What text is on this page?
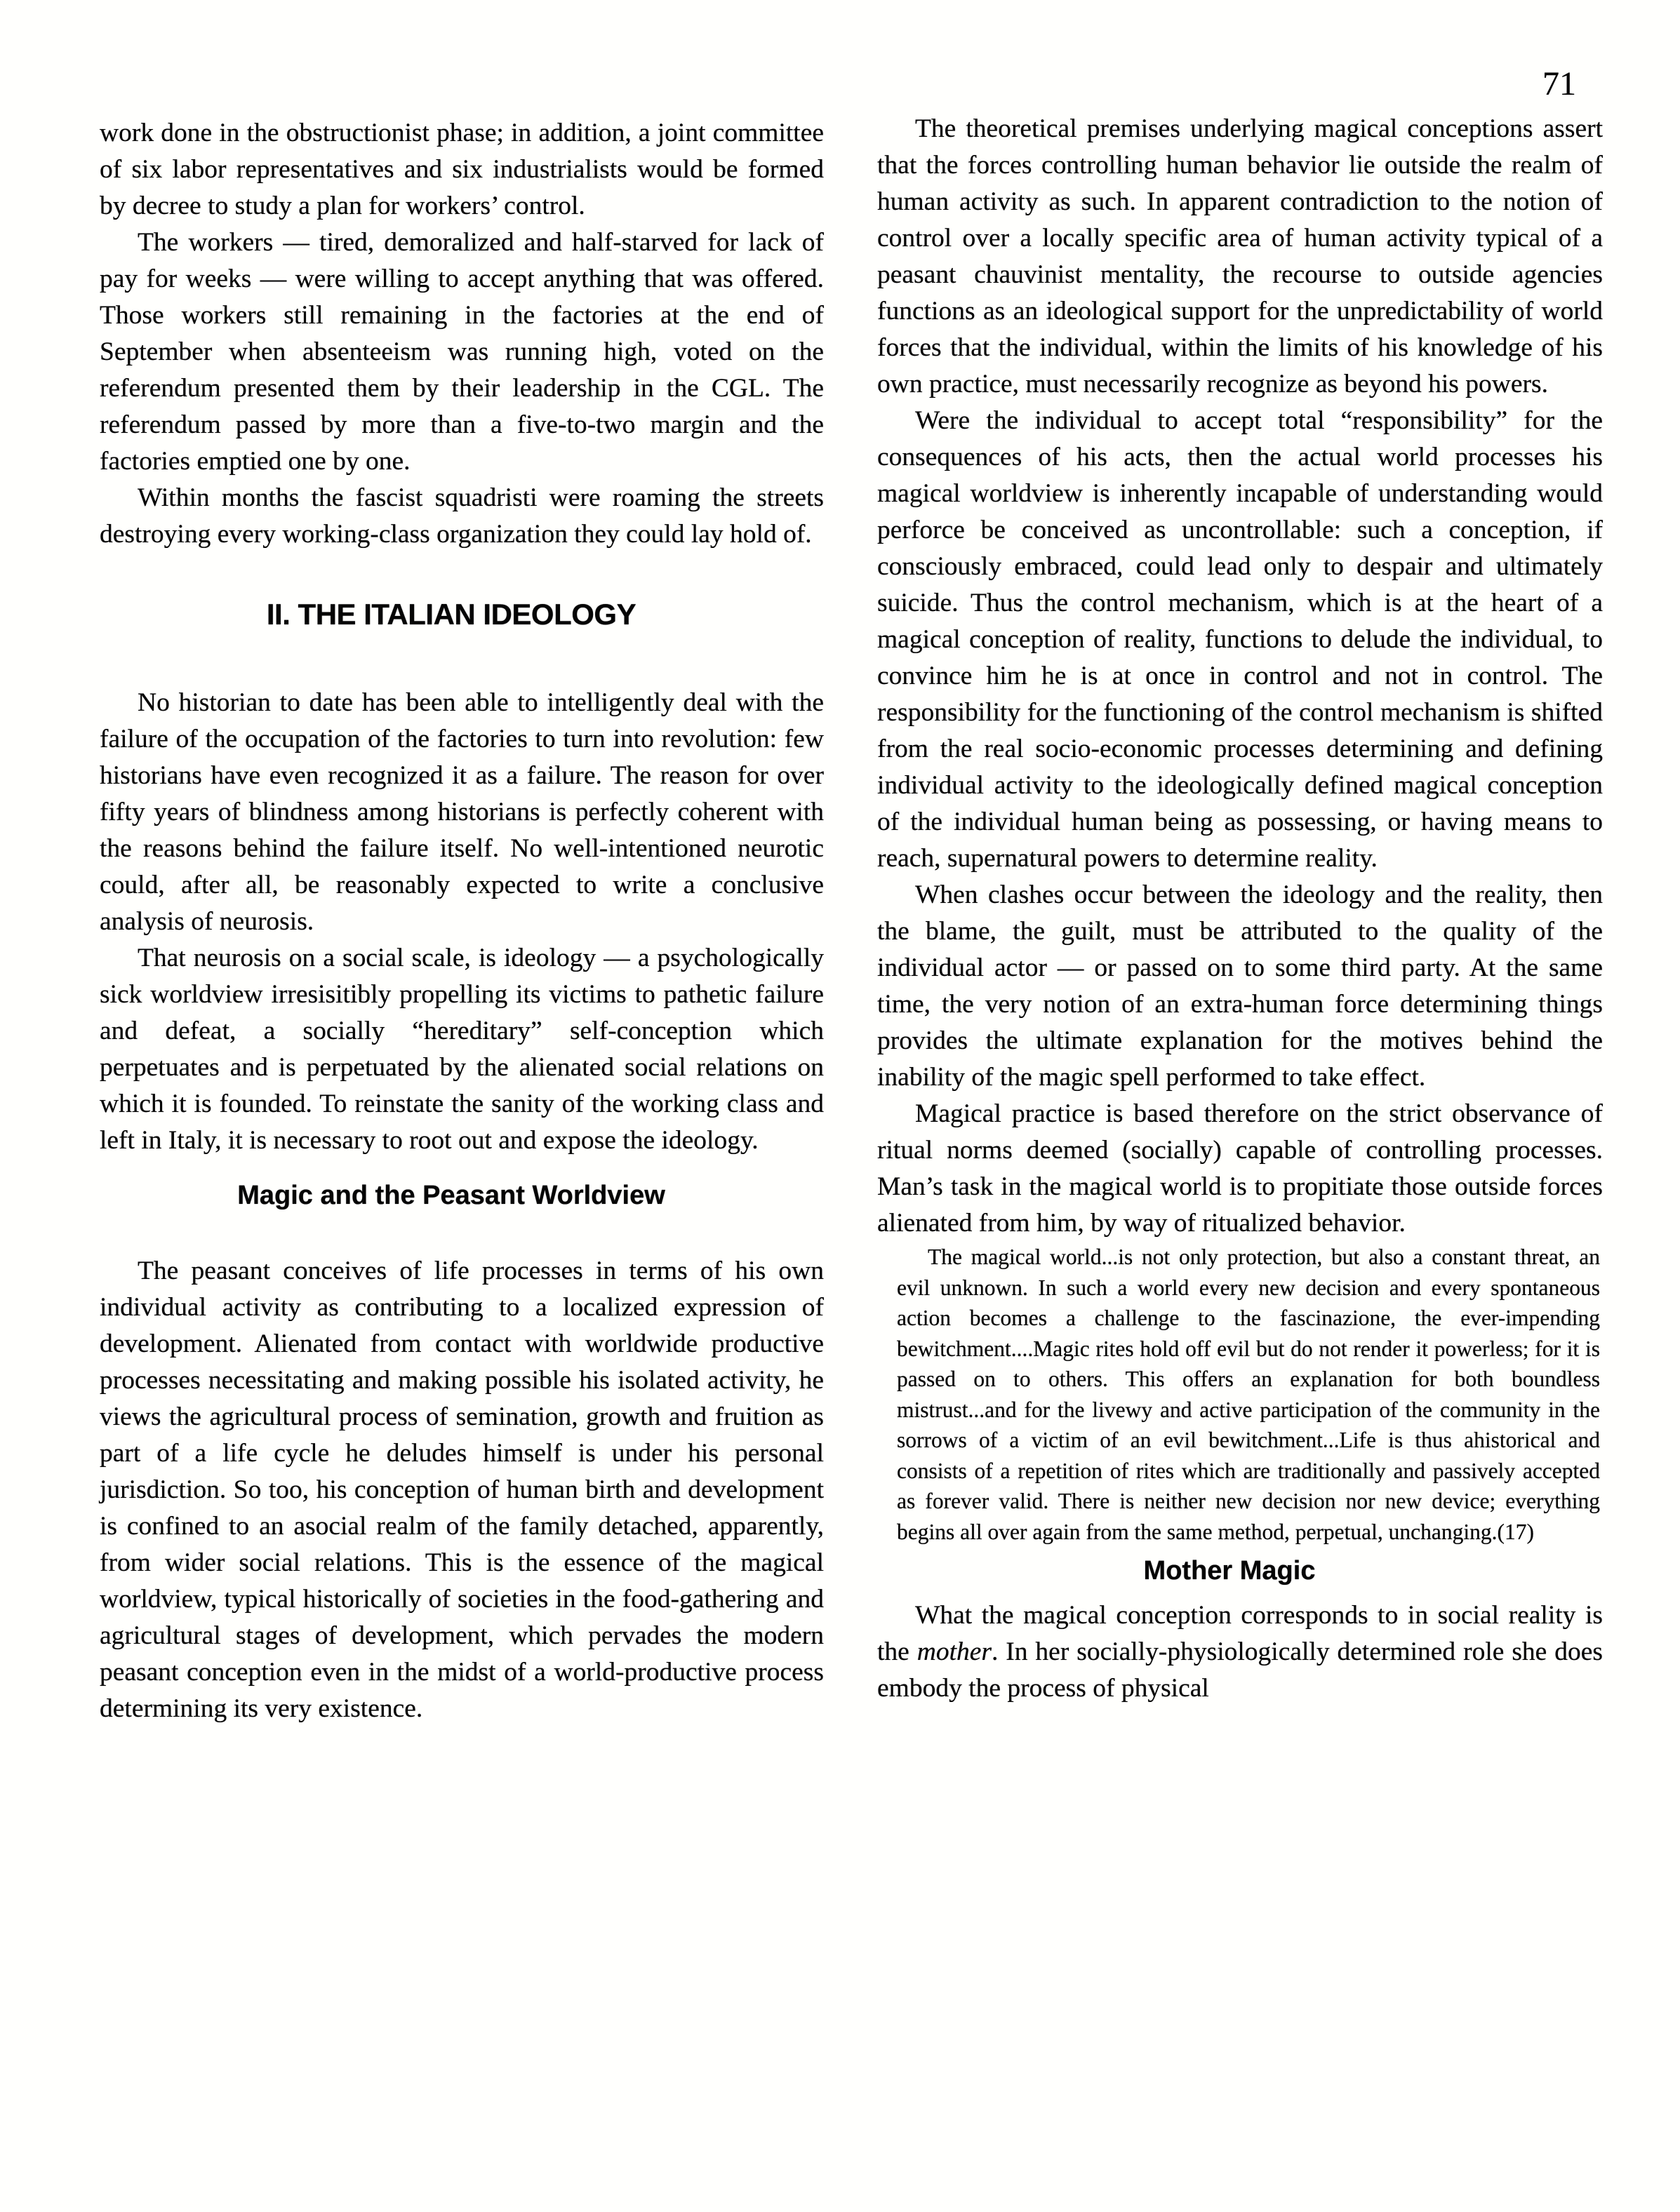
71

work done in the obstructionist phase; in addition, a joint committee of six labor representatives and six industrialists would be formed by decree to study a plan for workers’ control.

The workers — tired, demoralized and half-starved for lack of pay for weeks — were willing to accept anything that was offered. Those workers still remaining in the factories at the end of September when absenteeism was running high, voted on the referendum presented them by their leadership in the CGL. The referendum passed by more than a five-to-two margin and the factories emptied one by one.

Within months the fascist squadristi were roaming the streets destroying every working-class organization they could lay hold of.

II. THE ITALIAN IDEOLOGY

No historian to date has been able to intelligently deal with the failure of the occupation of the factories to turn into revolution: few historians have even recognized it as a failure. The reason for over fifty years of blindness among historians is perfectly coherent with the reasons behind the failure itself. No well-intentioned neurotic could, after all, be reasonably expected to write a conclusive analysis of neurosis.

That neurosis on a social scale, is ideology — a psychologically sick worldview irresisitibly propelling its victims to pathetic failure and defeat, a socially “hereditary” self-conception which perpetuates and is perpetuated by the alienated social relations on which it is founded. To reinstate the sanity of the working class and left in Italy, it is necessary to root out and expose the ideology.

Magic and the Peasant Worldview

The peasant conceives of life processes in terms of his own individual activity as contributing to a localized expression of development. Alienated from contact with worldwide productive processes necessitating and making possible his isolated activity, he views the agricultural process of semination, growth and fruition as part of a life cycle he deludes himself is under his personal jurisdiction. So too, his conception of human birth and development is confined to an asocial realm of the family detached, apparently, from wider social relations. This is the essence of the magical worldview, typical historically of societies in the food-gathering and agricultural stages of development, which pervades the modern peasant conception even in the midst of a world-productive process determining its very existence.

The theoretical premises underlying magical conceptions assert that the forces controlling human behavior lie outside the realm of human activity as such. In apparent contradiction to the notion of control over a locally specific area of human activity typical of a peasant chauvinist mentality, the recourse to outside agencies functions as an ideological support for the unpredictability of world forces that the individual, within the limits of his knowledge of his own practice, must necessarily recognize as beyond his powers.

Were the individual to accept total “responsibility” for the consequences of his acts, then the actual world processes his magical worldview is inherently incapable of understanding would perforce be conceived as uncontrollable: such a conception, if consciously embraced, could lead only to despair and ultimately suicide. Thus the control mechanism, which is at the heart of a magical conception of reality, functions to delude the individual, to convince him he is at once in control and not in control. The responsibility for the functioning of the control mechanism is shifted from the real socio-economic processes determining and defining individual activity to the ideologically defined magical conception of the individual human being as possessing, or having means to reach, supernatural powers to determine reality.

When clashes occur between the ideology and the reality, then the blame, the guilt, must be attributed to the quality of the individual actor — or passed on to some third party. At the same time, the very notion of an extra-human force determining things provides the ultimate explanation for the motives behind the inability of the magic spell performed to take effect.

Magical practice is based therefore on the strict observance of ritual norms deemed (socially) capable of controlling processes. Man’s task in the magical world is to propitiate those outside forces alienated from him, by way of ritualized behavior.

The magical world...is not only protection, but also a constant threat, an evil unknown. In such a world every new decision and every spontaneous action becomes a challenge to the fascinazione, the ever-impending bewitchment....Magic rites hold off evil but do not render it powerless; for it is passed on to others. This offers an explanation for both boundless mistrust...and for the livewy and active participation of the community in the sorrows of a victim of an evil bewitchment...Life is thus ahistorical and consists of a repetition of rites which are traditionally and passively accepted as forever valid. There is neither new decision nor new device; everything begins all over again from the same method, perpetual, unchanging.(17)
Mother Magic

What the magical conception corresponds to in social reality is the mother. In her socially-physiologically determined role she does embody the process of physical
